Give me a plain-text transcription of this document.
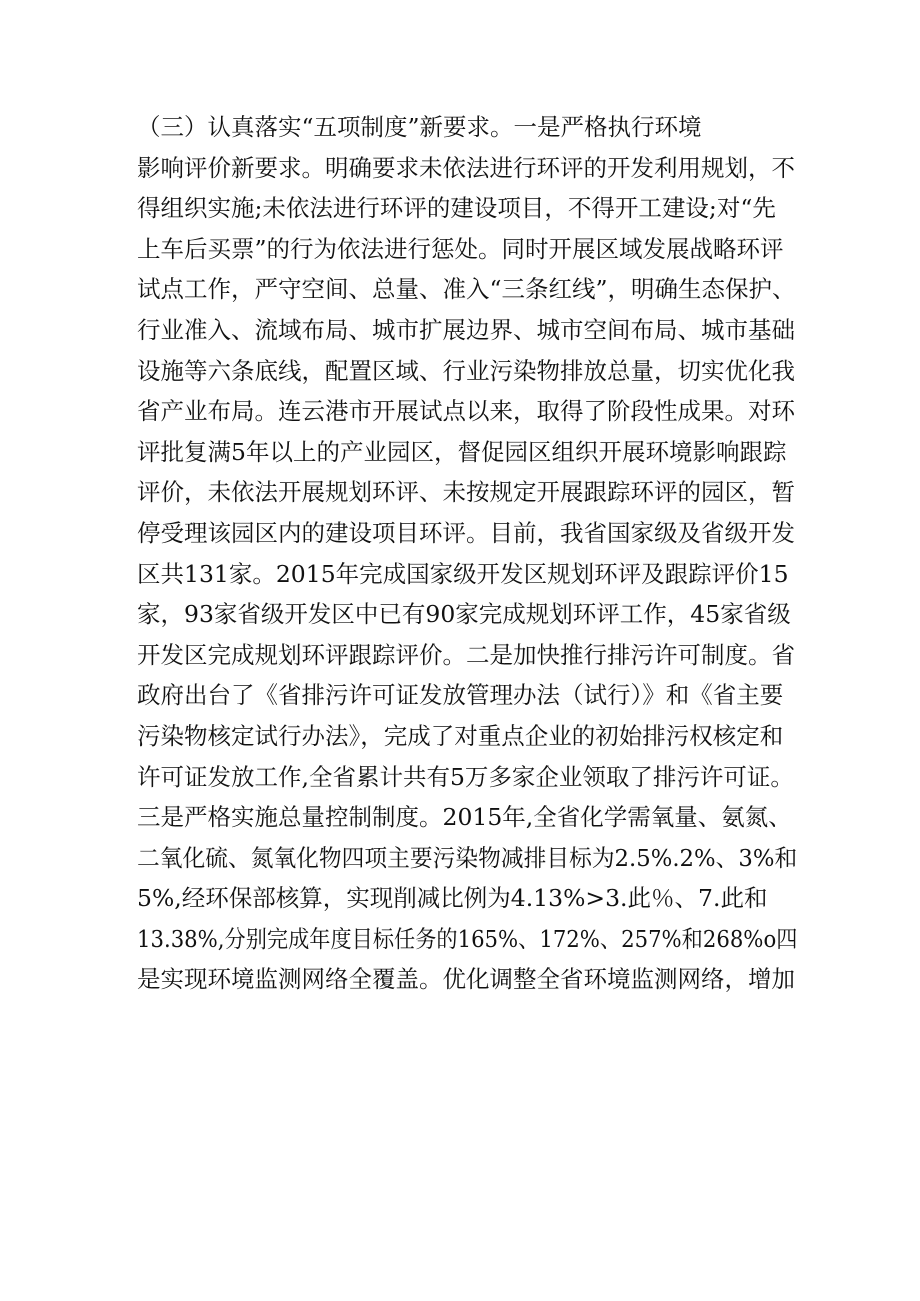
（三）认真落实“五项制度”新要求。一是严格执行环境
影响评价新要求。明确要求未依法进行环评的开发利用规划，不
得组织实施;未依法进行环评的建设项目，不得开工建设;对“先
上车后买票”的行为依法进行惩处。同时开展区域发展战略环评
试点工作，严守空间、总量、准入“三条红线”，明确生态保护、
行业准入、流域布局、城市扩展边界、城市空间布局、城市基础
设施等六条底线，配置区域、行业污染物排放总量，切实优化我
省产业布局。连云港市开展试点以来，取得了阶段性成果。对环
评批复满5年以上的产业园区，督促园区组织开展环境影响跟踪
评价，未依法开展规划环评、未按规定开展跟踪环评的园区，暂
停受理该园区内的建设项目环评。目前，我省国家级及省级开发
区共131家。2015年完成国家级开发区规划环评及跟踪评价15
家，93家省级开发区中已有90家完成规划环评工作，45家省级
开发区完成规划环评跟踪评价。二是加快推行排污许可制度。省
政府出台了《省排污许可证发放管理办法（试行）》和《省主要
污染物核定试行办法》，完成了对重点企业的初始排污权核定和
许可证发放工作,全省累计共有5万多家企业领取了排污许可证。
三是严格实施总量控制制度。2015年,全省化学需氧量、氨氮、
二氧化硫、氮氧化物四项主要污染物减排目标为2.5%.2%、3%和
5%,经环保部核算，实现削减比例为4.13%>3.此％、7.此和
13.38%,分别完成年度目标任务的165%、172%、257%和268%o四
是实现环境监测网络全覆盖。优化调整全省环境监测网络，增加
